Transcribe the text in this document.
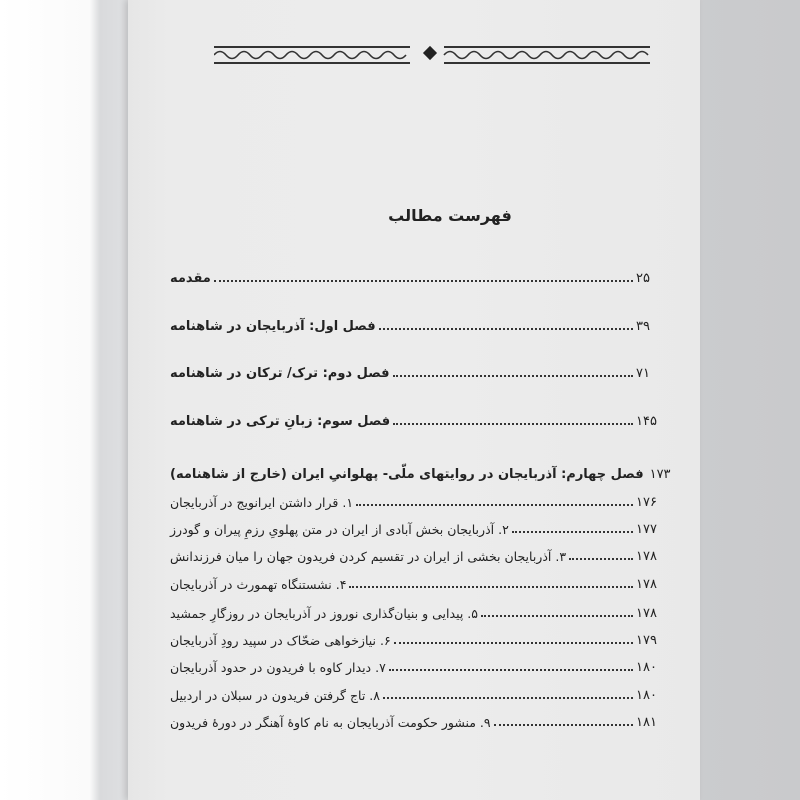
فهرست مطالب
مقدمه	۲۵
فصل اول: آذربایجان در شاهنامه	۳۹
فصل دوم: ترک/ ترکان در شاهنامه	۷۱
فصل سوم: زبانِ ترکی در شاهنامه	۱۴۵
فصل چهارم: آذربایجان در روایتهای ملّی- پهلوانیِ ایران (خارج از شاهنامه) ۱۷۳
۱. قرار داشتن ایرانویج در آذربایجان	۱۷۶
۲. آذربایجان بخش آبادی از ایران در متن پهلویِ رزمِ پیران و گودرز	۱۷۷
۳. آذربایجان بخشی از ایران در تقسیم کردن فریدون جهان را میان فرزندانش	۱۷۸
۴. نشستنگاه تهمورث در آذربایجان	۱۷۸
۵. پیدایی و بنیان‌گذاری نوروز در آذربایجان در روزگارِ جمشید	۱۷۸
۶. نیازخواهی ضحّاک در سپید رودِ آذربایجان	۱۷۹
۷. دیدار کاوه با فریدون در حدود آذربایجان	۱۸۰
۸. تاج گرفتن فریدون در سبلان در اردبیل	۱۸۰
۹. منشور حکومت آذربایجان به نام کاوهٔ آهنگر در دورهٔ فریدون	۱۸۱
